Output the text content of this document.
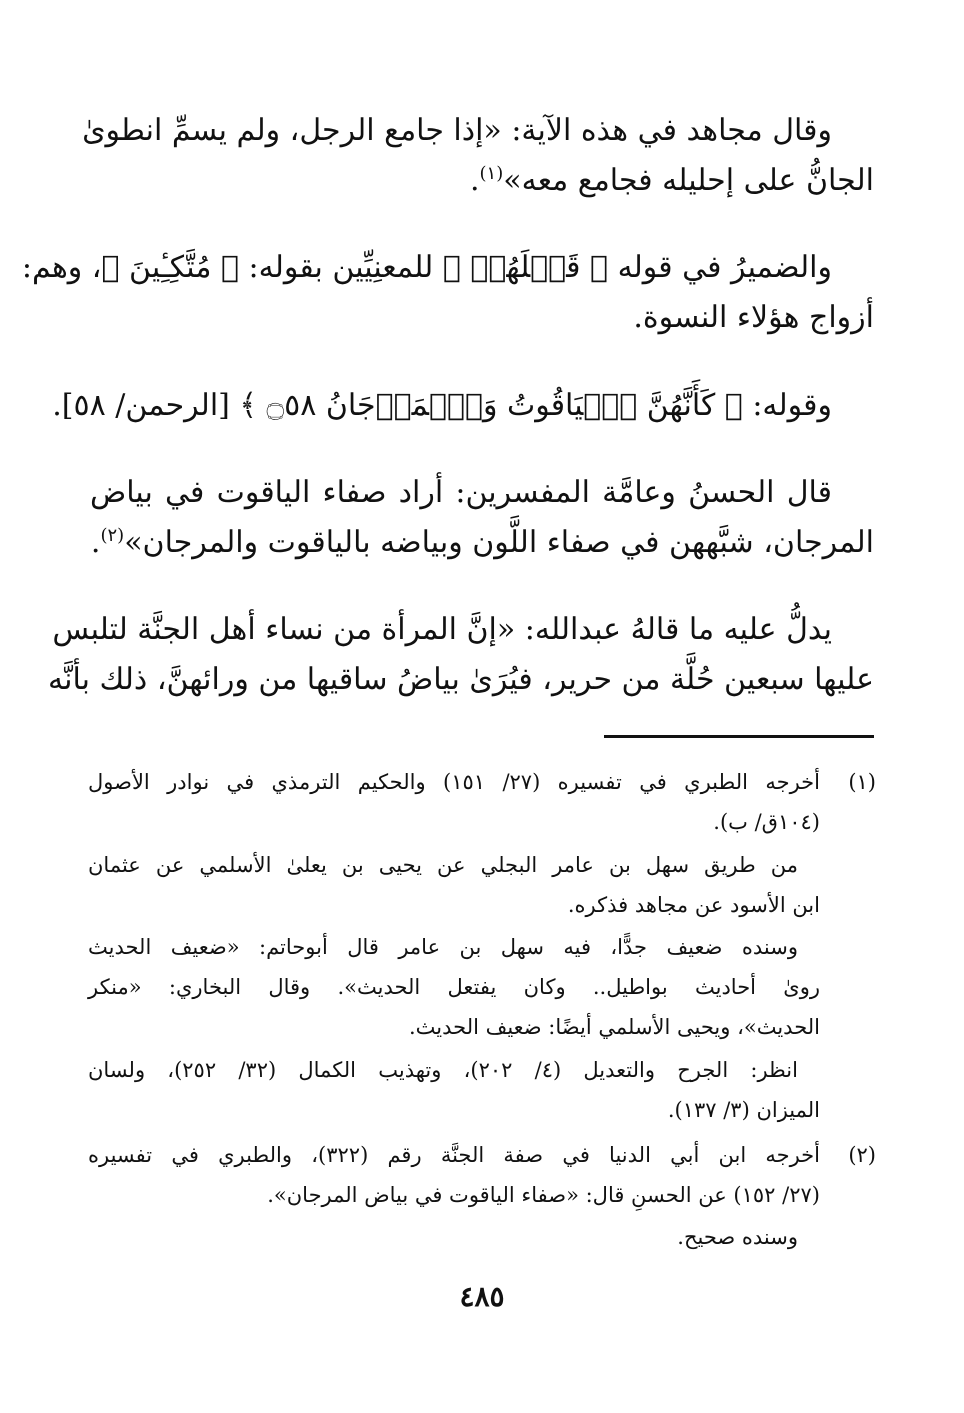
وقال مجاهد في هذه الآية: «إذا جامع الرجل، ولم يسمِّ انطوىٰ
الجانُّ على إحليله فجامع معه»$^{(١)}$.
والضميرُ في قوله ﴿ قَبۡلَهُمۡ ﴾ للمعنِيِّين بقوله: ﴿ مُتَّكِـِٔينَ ﴾، وهم:
أزواج هؤلاء النسوة.
وقوله: ﴿ كَأَنَّهُنَّ ٱلۡيَاقُوتُ وَٱلۡمَرۡجَانُ ۝٥٨ ﴾ [الرحمن/ ٥٨].
قال الحسنُ وعامَّة المفسرين: أراد صفاء الياقوت في بياض
المرجان، شبَّههن في صفاء اللَّون وبياضه بالياقوت والمرجان»$^{(٢)}$.
يدلُّ عليه ما قالهُ عبدالله: «إنَّ المرأة من نساء أهل الجنَّة لتلبس
عليها سبعين حُلَّة من حرير، فيُرَىٰ بياضُ ساقيها من ورائهنَّ، ذلك بأنَّه
(١)
أخرجه الطبري في تفسيره (٢٧/ ١٥١) والحكيم الترمذي في نوادر الأصول
(١٠٤ق/ ب).
من طريق سهل بن عامر البجلي عن يحيى بن يعلىٰ الأسلمي عن عثمان
ابن الأسود عن مجاهد فذكره.
وسنده ضعيف جدًّا، فيه سهل بن عامر قال أبوحاتم: «ضعيف الحديث
روىٰ أحاديث بواطيل.. وكان يفتعل الحديث». وقال البخاري: «منكر
الحديث»، ويحيى الأسلمي أيضًا: ضعيف الحديث.
انظر: الجرح والتعديل (٤/ ٢٠٢)، وتهذيب الكمال (٣٢/ ٢٥٢)، ولسان
الميزان (٣/ ١٣٧).
(٢)
أخرجه ابن أبي الدنيا في صفة الجنَّة رقم (٣٢٢)، والطبري في تفسيره
(٢٧/ ١٥٢) عن الحسنِ قال: «صفاء الياقوت في بياض المرجان».
وسنده صحيح.
٤٨٥
